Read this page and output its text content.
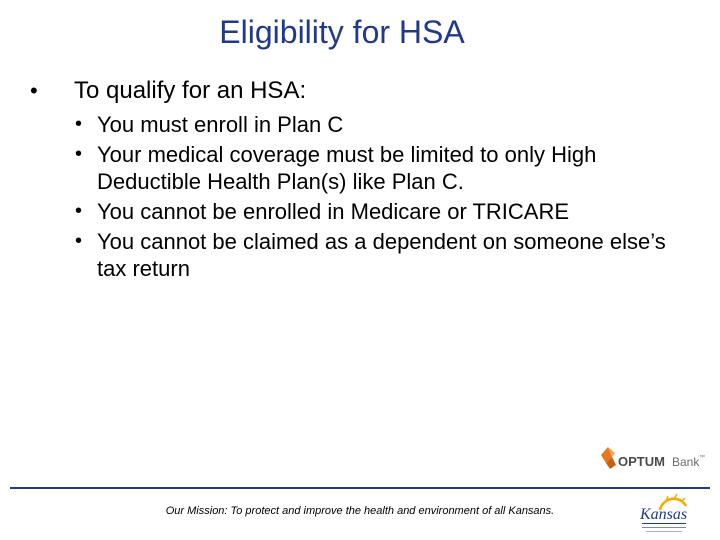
Eligibility for HSA
•	To qualify for an HSA:
• You must enroll in Plan C
• Your medical coverage must be limited to only High Deductible Health Plan(s) like Plan C.
• You cannot be enrolled in Medicare or TRICARE
• You cannot be claimed as a dependent on someone else’s tax return
OPTUM Bank ™
Our Mission: To protect and improve the health and environment of all Kansans.	Kansas
